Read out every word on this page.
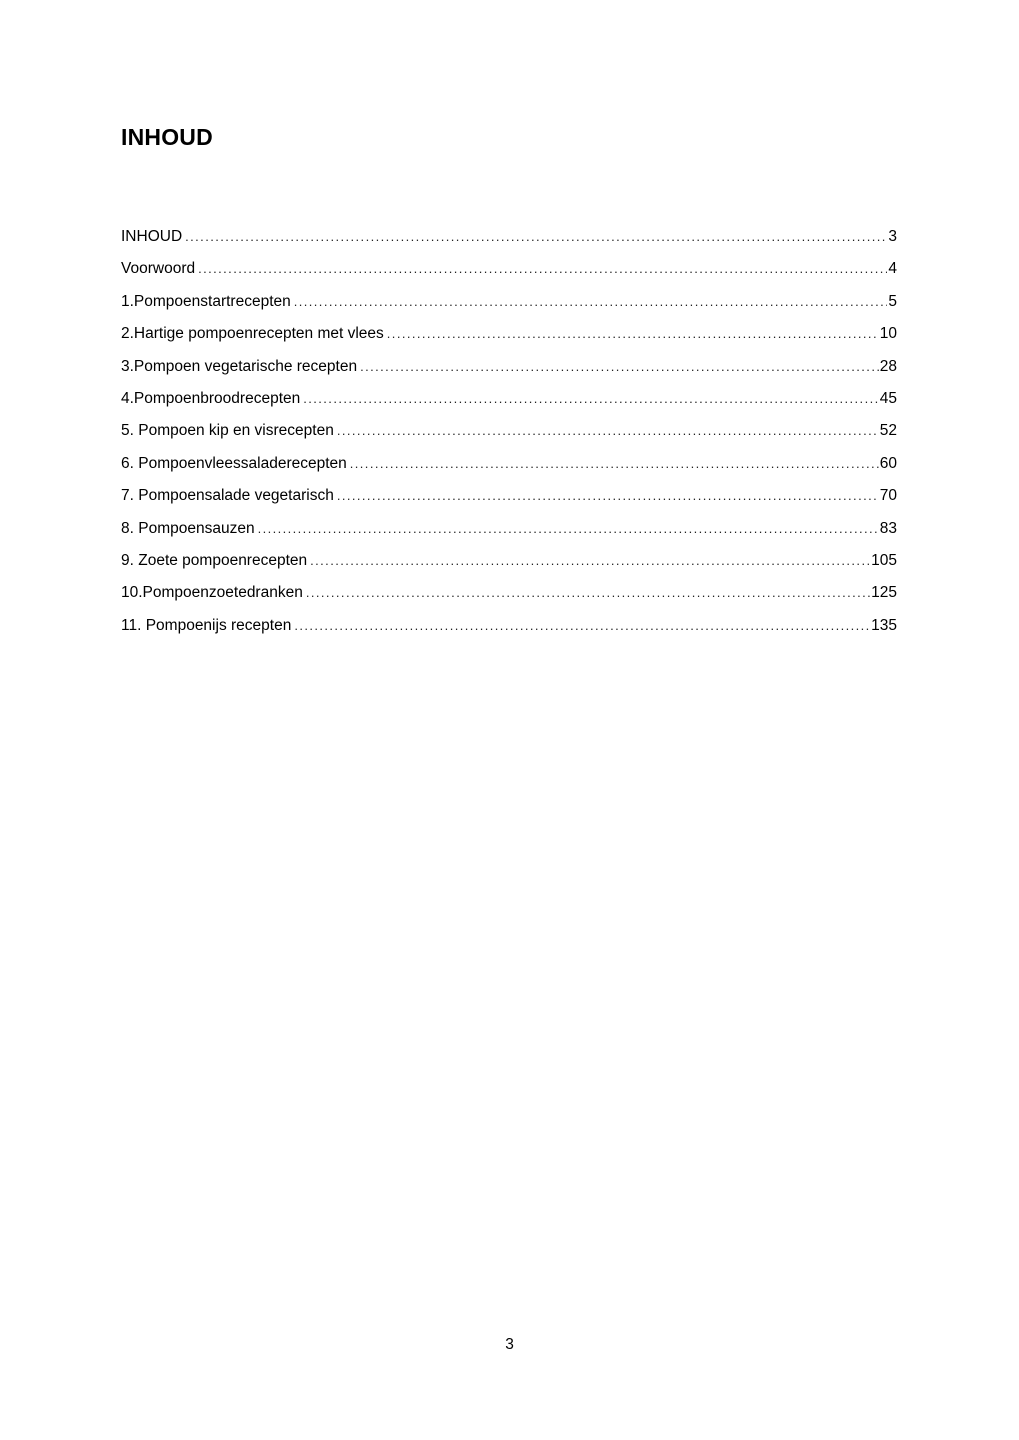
INHOUD
INHOUD .....	3
Voorwoord .....	4
1.Pompoenstartrecepten .....	5
2.Hartige pompoenrecepten met vlees .....	10
3.Pompoen vegetarische recepten .....	28
4.Pompoenbroodrecepten .....	45
5. Pompoen kip en visrecepten .....	52
6. Pompoenvleessaladerecepten .....	60
7. Pompoensalade vegetarisch .....	70
8. Pompoensauzen .....	83
9. Zoete pompoenrecepten .....	105
10.Pompoenzoetedranken .....	125
11. Pompoenijs recepten .....	135
3
